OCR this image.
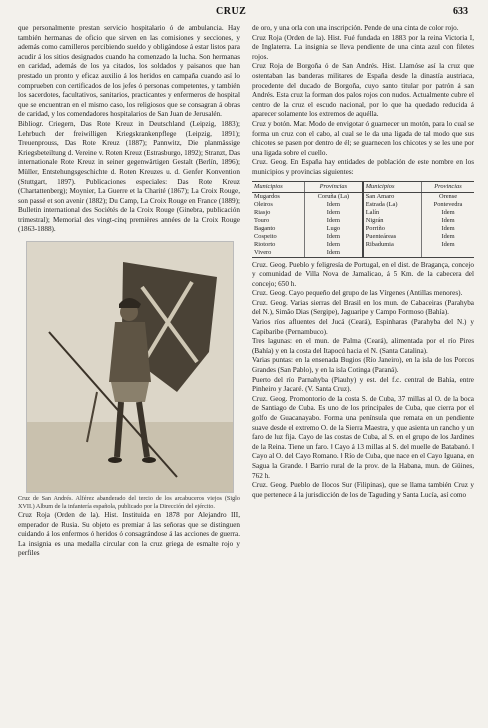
CRUZ	633

que personalmente prestan servicio hospitalario ó de ambulancia. Hay también hermanas de oficio que sirven en las comisiones y secciones, y además como camilleros percibiendo sueldo y obligándose á estar listos para acudir á los sitios designados cuando ha comenzado la lucha. Son hermanas en caridad, además de los ya citados, los soldados y paisanos que han prestado un pronto y eficaz auxilio á los heridos en campaña cuando así lo comprueben con certificados de los jefes ó personas competentes, y también los sacerdotes, facultativos, sanitarios, practicantes y enfermeros de hospital que se encuentran en el mismo caso, los religiosos que se consagran á obras de caridad, y los comendadores hospitalarios de San Juan de Jerusalén.

Bibliogr. Criegern, Das Rote Kreuz in Deutschland (Leipzig, 1883); Lehrbuch der freiwilligen Kriegskrankenpflege (Leipzig, 1891); Treuenprouss, Das Rote Kreuz (1887); Pannwitz, Die planmässige Kriegsbeteiltung d. Vereine v. Roten Kreuz (Estrasburgo, 1892); Stranzt, Das internationale Rote Kreuz in seiner gegenwärtigen Gestalt (Berlín, 1896); Müller, Entstehungsgeschichte d. Roten Kreuzes u. d. Genfer Konvention (Stuttgart, 1897). Publicaciones especiales: Das Rote Kreuz (Chartattenberg); Moynier, La Guerre et la Charité (1867); La Croix Rouge, son passé et son avenir (1882); Du Camp, La Croix Rouge en France (1889); Bulletin international des Sociétés de la Croix Rouge (Ginebra, publicación trimestral); Memorial des vingt-cinq premières années de la Croix Rouge (1863-1888).

Cruz de San Andrés. Alférez abanderado del tercio de los arcabuceros viejos (Siglo XVII.) Album de la infantería española, publicado por la Dirección del ejército.

Cruz Roja (Orden de la). Hist. Instituida en 1878 por Alejandro III, emperador de Rusia. Su objeto es premiar á las señoras que se distinguen cuidando á los enfermos ó heridos ó consagrándose á las acciones de guerra. La insignia es una medalla circular con la cruz griega de esmalte rojo y perfiles

de oro, y una orla con una inscripción. Pende de una cinta de color rojo.

Cruz Roja (Orden de la). Hist. Fué fundada en 1883 por la reina Victoria I, de Inglaterra. La insignia se lleva pendiente de una cinta azul con filetes rojos.

Cruz Roja de Borgoña ó de San Andrés. Hist. Llamóse así la cruz que ostentaban las banderas militares de España desde la dinastía austriaca, procedente del ducado de Borgoña, cuyo santo titular por patrón á san Andrés. Esta cruz la forman dos palos rojos con nudos. Actualmente cubre el centro de la cruz el escudo nacional, por lo que ha quedado reducida á aparecer solamente los extremos de aquélla.

Cruz y botón. Mar. Modo de envigotar ó guarnecer un motón, para lo cual se forma un cruz con el cabo, al cual se le da una ligada de tal modo que sus chicotes se pasen por dentro de él; se guarnecen los chicotes y se les une por una ligada sobre el cuello.

Cruz. Geog. En España hay entidades de población de este nombre en los municipios y provincias siguientes:

Municipios	Provincias	Municipios	Provincias
Mugardos	Coruña (La)	San Amaro	Orense
Oleiros	Idem	Estrada (La)	Pontevedra
Riasjo	Idem	Lalín	Idem
Touro	Idem	Nigrán	Idem
Baganto	Lugo	Porriño	Idem
Cospeito	Idem	Puenteáreas	Idem
Riotorto	Idem	Ribadumia	Idem
Vivero	Idem		

Cruz. Geog. Pueblo y feligresía de Portugal, en el dist. de Bragança, concejo y comunidad de Villa Nova de Jamalicao, á 5 Km. de la cabecera del concejo; 650 h.

Cruz. Geog. Cayo pequeño del grupo de las Vírgenes (Antillas menores).

Cruz. Geog. Varias sierras del Brasil en los mun. de Cabaceiras (Parahyba del N.), Simão Dias (Sergipe), Jaguaripe y Campo Formoso (Bahía).

Varios ríos afluentes del Jucá (Ceará), Espinharas (Parahyba del N.) y Capibaribe (Pernambuco).

Tres lagunas: en el mun. de Palma (Ceará), alimentada por el río Pires (Bahía) y en la costa del Itapocú hacia el N. (Santa Catalina).

Varias puntas: en la ensenada Bugios (Río Janeiro), en la isla de los Porcos Grandes (San Pablo), y en la isla Cotinga (Paraná).

Puerto del río Parnahyba (Piauhy) y est. del f.c. central de Bahía, entre Pinheiro y Jacaré. (V. Santa Cruz).

Cruz. Geog. Promontorio de la costa S. de Cuba, 37 millas al O. de la boca de Santiago de Cuba. Es uno de los principales de Cuba, que cierra por el golfo de Guacanayabo. Forma una península que remata en un pendiente suave desde el extremo O. de la Sierra Maestra, y que asienta un rancho y un faro de luz fija. Cayo de las costas de Cuba, al S. en el grupo de los Jardines de la Reina. Tiene un faro. ‖ Cayo á 13 millas al S. del muelle de Batabanó. ‖ Cayo al O. del Cayo Romano. ‖ Río de Cuba, que nace en el Cayo Iguana, en Sagua la Grande. ‖ Barrio rural de la prov. de la Habana, mun. de Güines, 762 h.

Cruz. Geog. Pueblo de Ilocos Sur (Filipinas), que se llama también Cruz y que pertenece á la jurisdicción de los de Taguding y Santa Lucía, así como
